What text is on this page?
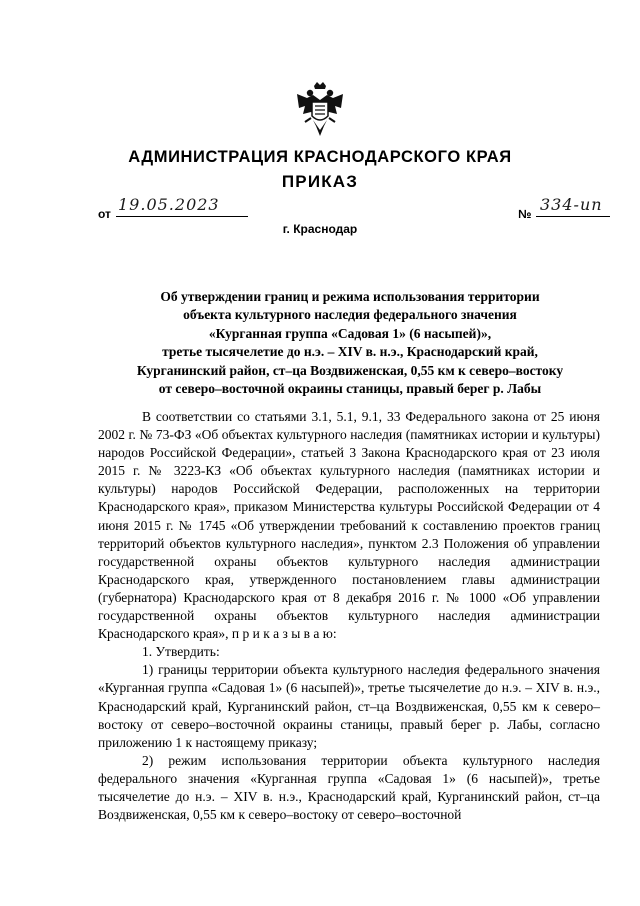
АДМИНИСТРАЦИЯ КРАСНОДАРСКОГО КРАЯ
ПРИКАЗ
от 19.05.2023	№ 334-ип
г. Краснодар
Об утверждении границ и режима использования территории
объекта культурного наследия федерального значения
«Курганная группа «Садовая 1» (6 насыпей)»,
третье тысячелетие до н.э. – XIV в. н.э., Краснодарский край,
Курганинский район, ст–ца Воздвиженская, 0,55 км к северо–востоку
от северо–восточной окраины станицы, правый берег р. Лабы

В соответствии со статьями 3.1, 5.1, 9.1, 33 Федерального закона от 25 июня 2002 г. № 73-ФЗ «Об объектах культурного наследия (памятниках истории и культуры) народов Российской Федерации», статьей 3 Закона Краснодарского края от 23 июля 2015 г. № 3223-КЗ «Об объектах культурного наследия (памятниках истории и культуры) народов Российской Федерации, расположенных на территории Краснодарского края», приказом Министерства культуры Российской Федерации от 4 июня 2015 г. № 1745 «Об утверждении требований к составлению проектов границ территорий объектов культурного наследия», пунктом 2.3 Положения об управлении государственной охраны объектов культурного наследия администрации Краснодарского края, утвержденного постановлением главы администрации (губернатора) Краснодарского края от 8 декабря 2016 г. № 1000 «Об управлении государственной охраны объектов культурного наследия администрации Краснодарского края», п р и к а з ы в а ю:

1. Утвердить:

1) границы территории объекта культурного наследия федерального значения «Курганная группа «Садовая 1» (6 насыпей)», третье тысячелетие до н.э. – XIV в. н.э., Краснодарский край, Курганинский район, ст–ца Воздвиженская, 0,55 км к северо–востоку от северо–восточной окраины станицы, правый берег р. Лабы, согласно приложению 1 к настоящему приказу;

2) режим использования территории объекта культурного наследия федерального значения «Курганная группа «Садовая 1» (6 насыпей)», третье тысячелетие до н.э. – XIV в. н.э., Краснодарский край, Курганинский район, ст–ца Воздвиженская, 0,55 км к северо–востоку от северо–восточной
